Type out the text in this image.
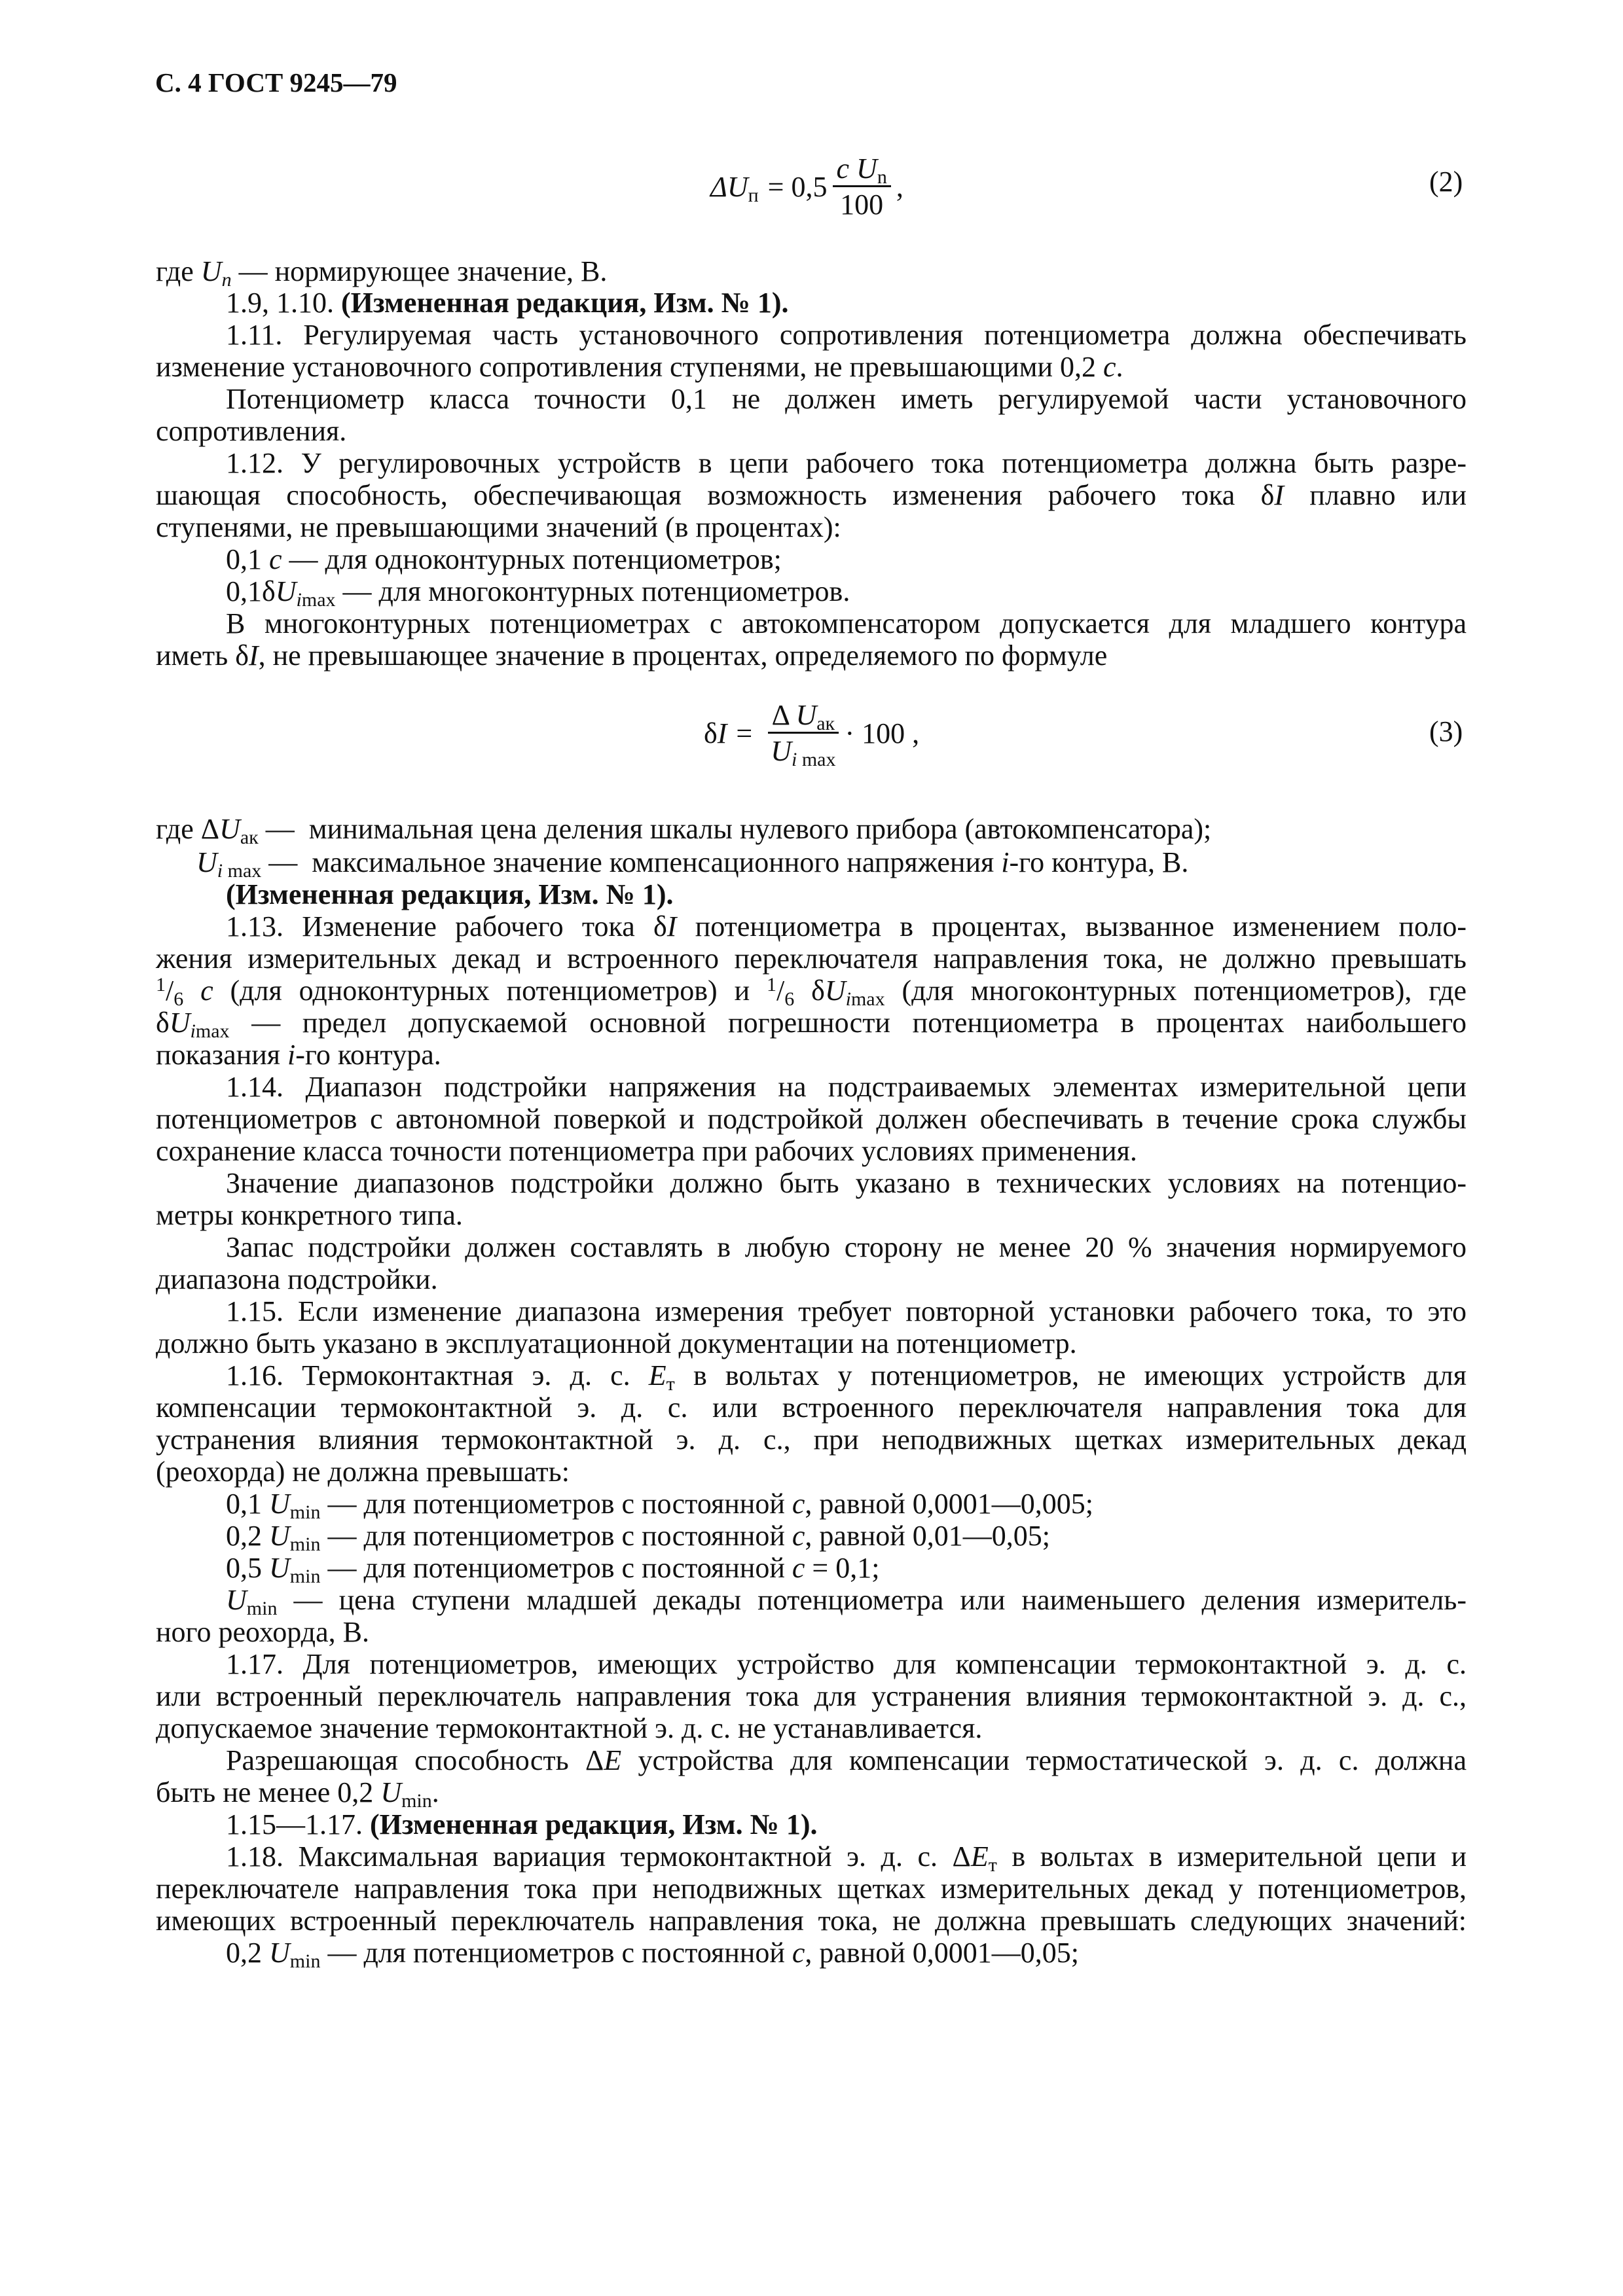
С. 4 ГОСТ 9245—79
$\Delta U_п = 0,5 \frac{c U_n}{100}$ ,	(2)
где $U_n$ — нормирующее значение, В.
1.9, 1.10. (Измененная редакция, Изм. № 1).
1.11. Регулируемая часть установочного сопротивления потенциометра должна обеспечивать
изменение установочного сопротивления ступенями, не превышающими 0,2 c.
Потенциометр класса точности 0,1 не должен иметь регулируемой части установочного
сопротивления.
1.12. У регулировочных устройств в цепи рабочего тока потенциометра должна быть разре-
шающая способность, обеспечивающая возможность изменения рабочего тока δI плавно или
ступенями, не превышающими значений (в процентах):
0,1 c — для одноконтурных потенциометров;
$0,1\delta U_{imax}$ — для многоконтурных потенциометров.
В многоконтурных потенциометрах с автокомпенсатором допускается для младшего контура
иметь δI, не превышающее значение в процентах, определяемого по формуле
$\delta I = \frac{\Delta U_{ак}}{U_{i max}} \cdot 100$ ,	(3)
где $\Delta U_{ак}$ —  минимальная цена деления шкалы нулевого прибора (автокомпенсатора);
$U_{i max}$ —  максимальное значение компенсационного напряжения i-го контура, В.
(Измененная редакция, Изм. № 1).
1.13. Изменение рабочего тока δI потенциометра в процентах, вызванное изменением поло-
жения измерительных декад и встроенного переключателя направления тока, не должно превышать
$^1/_6$ c (для одноконтурных потенциометров) и $^1/_6$ $\delta U_{imax}$ (для многоконтурных потенциометров), где
$\delta U_{imax}$ — предел допускаемой основной погрешности потенциометра в процентах наибольшего
показания i-го контура.
1.14. Диапазон подстройки напряжения на подстраиваемых элементах измерительной цепи
потенциометров с автономной поверкой и подстройкой должен обеспечивать в течение срока службы
сохранение класса точности потенциометра при рабочих условиях применения.
Значение диапазонов подстройки должно быть указано в технических условиях на потенцио-
метры конкретного типа.
Запас подстройки должен составлять в любую сторону не менее 20 % значения нормируемого
диапазона подстройки.
1.15. Если изменение диапазона измерения требует повторной установки рабочего тока, то это
должно быть указано в эксплуатационной документации на потенциометр.
1.16. Термоконтактная э. д. с. $E_т$ в вольтах у потенциометров, не имеющих устройств для
компенсации термоконтактной э. д. с. или встроенного переключателя направления тока для
устранения влияния термоконтактной э. д. с., при неподвижных щетках измерительных декад
(реохорда) не должна превышать:
0,1 $U_{min}$ — для потенциометров с постоянной c, равной 0,0001—0,005;
0,2 $U_{min}$ — для потенциометров с постоянной c, равной 0,01—0,05;
0,5 $U_{min}$ — для потенциометров с постоянной c = 0,1;
$U_{min}$ — цена ступени младшей декады потенциометра или наименьшего деления измеритель-
ного реохорда, В.
1.17. Для потенциометров, имеющих устройство для компенсации термоконтактной э. д. с.
или встроенный переключатель направления тока для устранения влияния термоконтактной э. д. с.,
допускаемое значение термоконтактной э. д. с. не устанавливается.
Разрешающая способность ΔE устройства для компенсации термостатической э. д. с. должна
быть не менее 0,2 $U_{min}$.
1.15—1.17. (Измененная редакция, Изм. № 1).
1.18. Максимальная вариация термоконтактной э. д. с. $\Delta E_т$ в вольтах в измерительной цепи и
переключателе направления тока при неподвижных щетках измерительных декад у потенциометров,
имеющих встроенный переключатель направления тока, не должна превышать следующих значений:
0,2 $U_{min}$ — для потенциометров с постоянной c, равной 0,0001—0,05;
